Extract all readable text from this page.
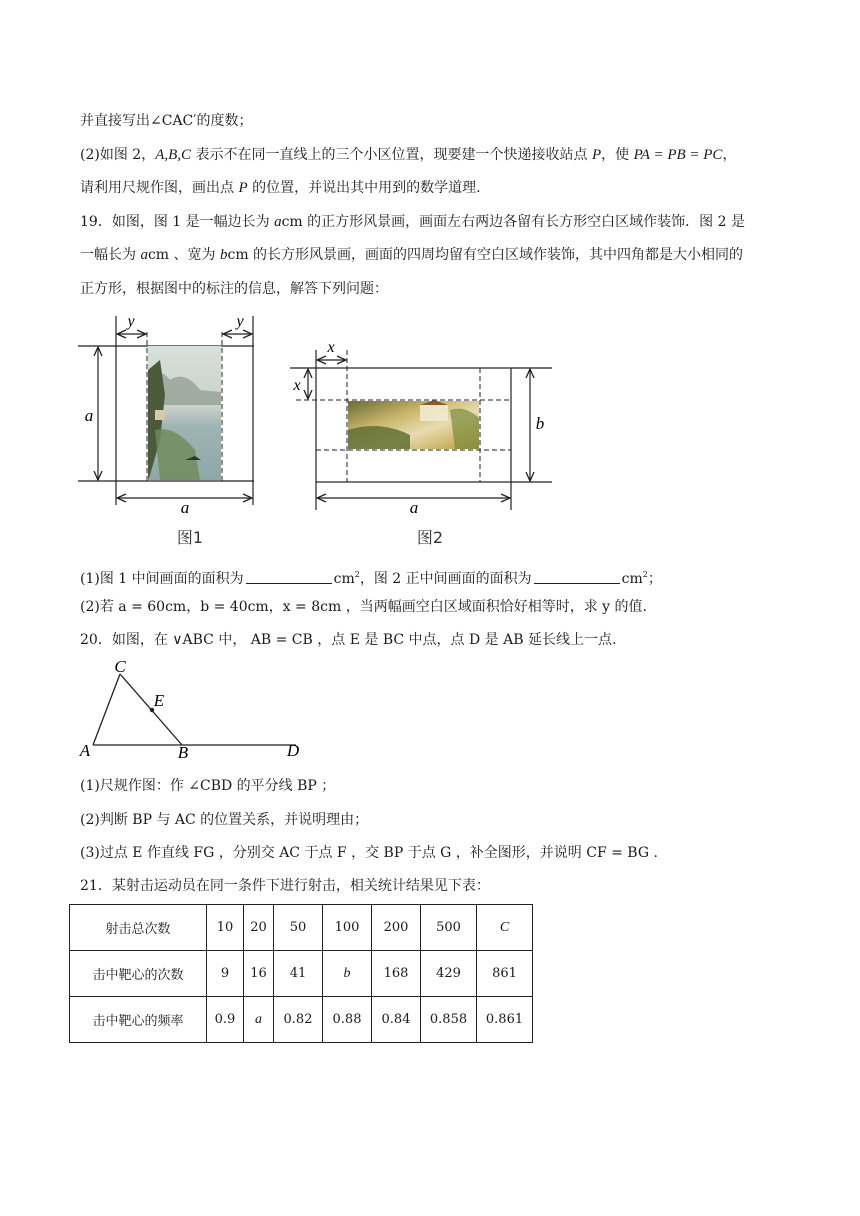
并直接写出∠CAC′的度数；
(2)如图 2，A,B,C 表示不在同一直线上的三个小区位置，现要建一个快递接收站点 P，使 PA = PB = PC，
请利用尺规作图，画出点 P 的位置，并说出其中用到的数学道理.
19．如图，图 1 是一幅边长为 acm 的正方形风景画，画面左右两边各留有长方形空白区域作装饰．图 2 是
一幅长为 acm 、宽为 bcm 的长方形风景画，画面的四周均留有空白区域作装饰，其中四角都是大小相同的
正方形，根据图中的标注的信息，解答下列问题：
y	y
a
a
图1
x
x
b
a
图2
(1)图 1 中间画面的面积为	$cm^2$，图 2 正中间画面的面积为	$cm^2$；
(2)若 a = 60cm，b = 40cm，x = 8cm ，当两幅画空白区域面积恰好相等时，求 y 的值.
20．如图，在 ∨ABC 中， AB = CB ，点 E 是 BC 中点，点 D 是 AB 延长线上一点.
C
E
A	B	D
(1)尺规作图：作 ∠CBD 的平分线 BP ；
(2)判断 BP 与 AC 的位置关系，并说明理由；
(3)过点 E 作直线 FG ，分别交 AC 于点 F ，交 BP 于点 G ，补全图形，并说明 CF = BG .
21．某射击运动员在同一条件下进行射击，相关统计结果见下表：
射击总次数	10	20	50	100	200	500	C
击中靶心的次数	9	16	41	b	168	429	861
击中靶心的频率	0.9	a	0.82	0.88	0.84	0.858	0.861
